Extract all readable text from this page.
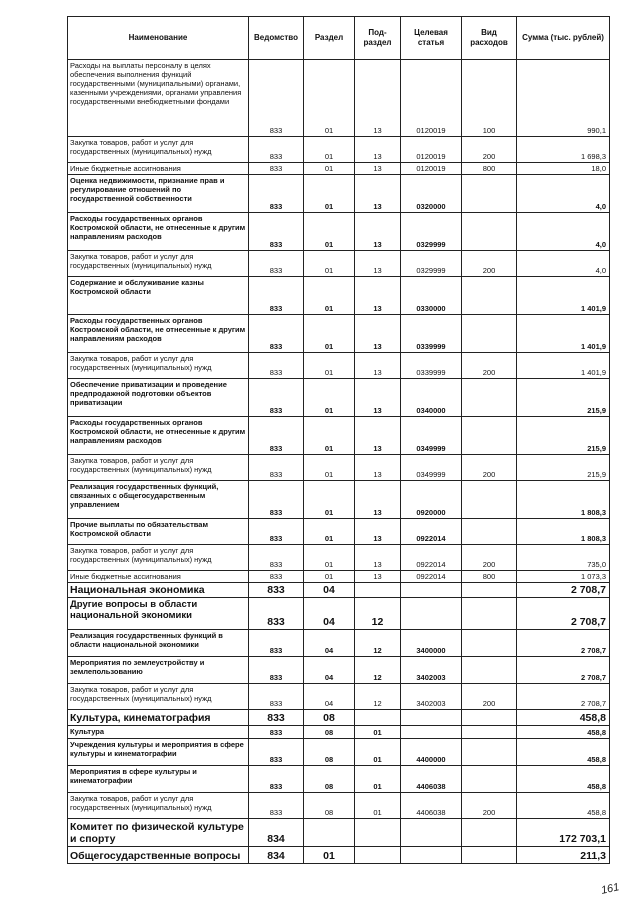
Наименование	Ведомство	Раздел	Под-раздел	Целевая статья	Вид расходов	Сумма (тыс. рублей)
Расходы на выплаты персоналу в целях обеспечения выполнения функций государственными (муниципальными) органами, казенными учреждениями, органами управления государственными внебюджетными фондами	833	01	13	0120019	100	990,1
Закупка товаров, работ и услуг для государственных (муниципальных) нужд	833	01	13	0120019	200	1 698,3
Иные бюджетные ассигнования	833	01	13	0120019	800	18,0
Оценка недвижимости, признание прав и регулирование отношений по государственной собственности	833	01	13	0320000		4,0
Расходы государственных органов Костромской области, не отнесенные к другим направлениям расходов	833	01	13	0329999		4,0
Закупка товаров, работ и услуг для государственных (муниципальных) нужд	833	01	13	0329999	200	4,0
Содержание и обслуживание казны Костромской области	833	01	13	0330000		1 401,9
Расходы государственных органов Костромской области, не отнесенные к другим направлениям расходов	833	01	13	0339999		1 401,9
Закупка товаров, работ и услуг для государственных (муниципальных) нужд	833	01	13	0339999	200	1 401,9
Обеспечение приватизации и проведение предпродажной подготовки объектов приватизации	833	01	13	0340000		215,9
Расходы государственных органов Костромской области, не отнесенные к другим направлениям расходов	833	01	13	0349999		215,9
Закупка товаров, работ и услуг для государственных (муниципальных) нужд	833	01	13	0349999	200	215,9
Реализация государственных функций, связанных с общегосударственным управлением	833	01	13	0920000		1 808,3
Прочие выплаты по обязательствам Костромской области	833	01	13	0922014		1 808,3
Закупка товаров, работ и услуг для государственных (муниципальных) нужд	833	01	13	0922014	200	735,0
Иные бюджетные ассигнования	833	01	13	0922014	800	1 073,3
Национальная экономика	833	04				2 708,7
Другие вопросы в области национальной экономики	833	04	12			2 708,7
Реализация государственных функций в области национальной экономики	833	04	12	3400000		2 708,7
Мероприятия по землеустройству и землепользованию	833	04	12	3402003		2 708,7
Закупка товаров, работ и услуг для государственных (муниципальных) нужд	833	04	12	3402003	200	2 708,7
Культура, кинематография	833	08				458,8
Культура	833	08	01			458,8
Учреждения культуры и мероприятия в сфере культуры и кинематографии	833	08	01	4400000		458,8
Мероприятия в сфере культуры и кинематографии	833	08	01	4406038		458,8
Закупка товаров, работ и услуг для государственных (муниципальных) нужд	833	08	01	4406038	200	458,8
Комитет по физической культуре и спорту	834					172 703,1
Общегосударственные вопросы	834	01				211,3
161
